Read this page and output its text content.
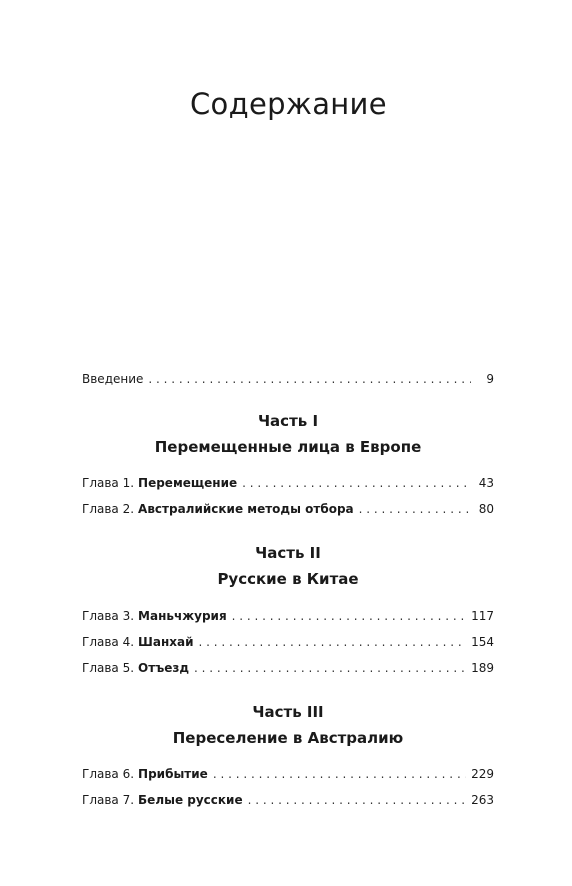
Содержание
Введение . . .	9
Часть I
Перемещенные лица в Европе
Глава 1. Перемещение . . .	43
Глава 2. Австралийские методы отбора . . .	80
Часть II
Русские в Китае
Глава 3. Маньчжурия . . .	117
Глава 4. Шанхай . . .	154
Глава 5. Отъезд . . .	189
Часть III
Переселение в Австралию
Глава 6. Прибытие . . .	229
Глава 7. Белые русские . . .	263
